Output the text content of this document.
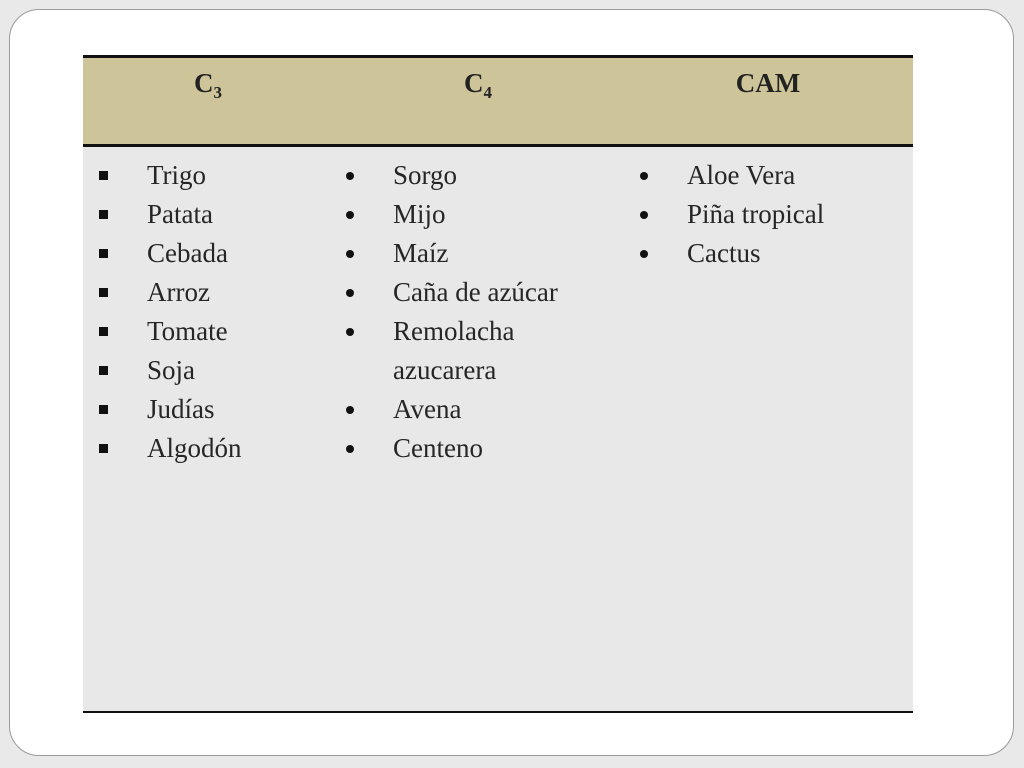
$C_3$	$C_4$	CAM
Trigo
Patata
Cebada
Arroz
Tomate
Soja
Judías
Algodón
Sorgo
Mijo
Maíz
Caña de azúcar
Remolacha
azucarera
Avena
Centeno
Aloe Vera
Piña tropical
Cactus
